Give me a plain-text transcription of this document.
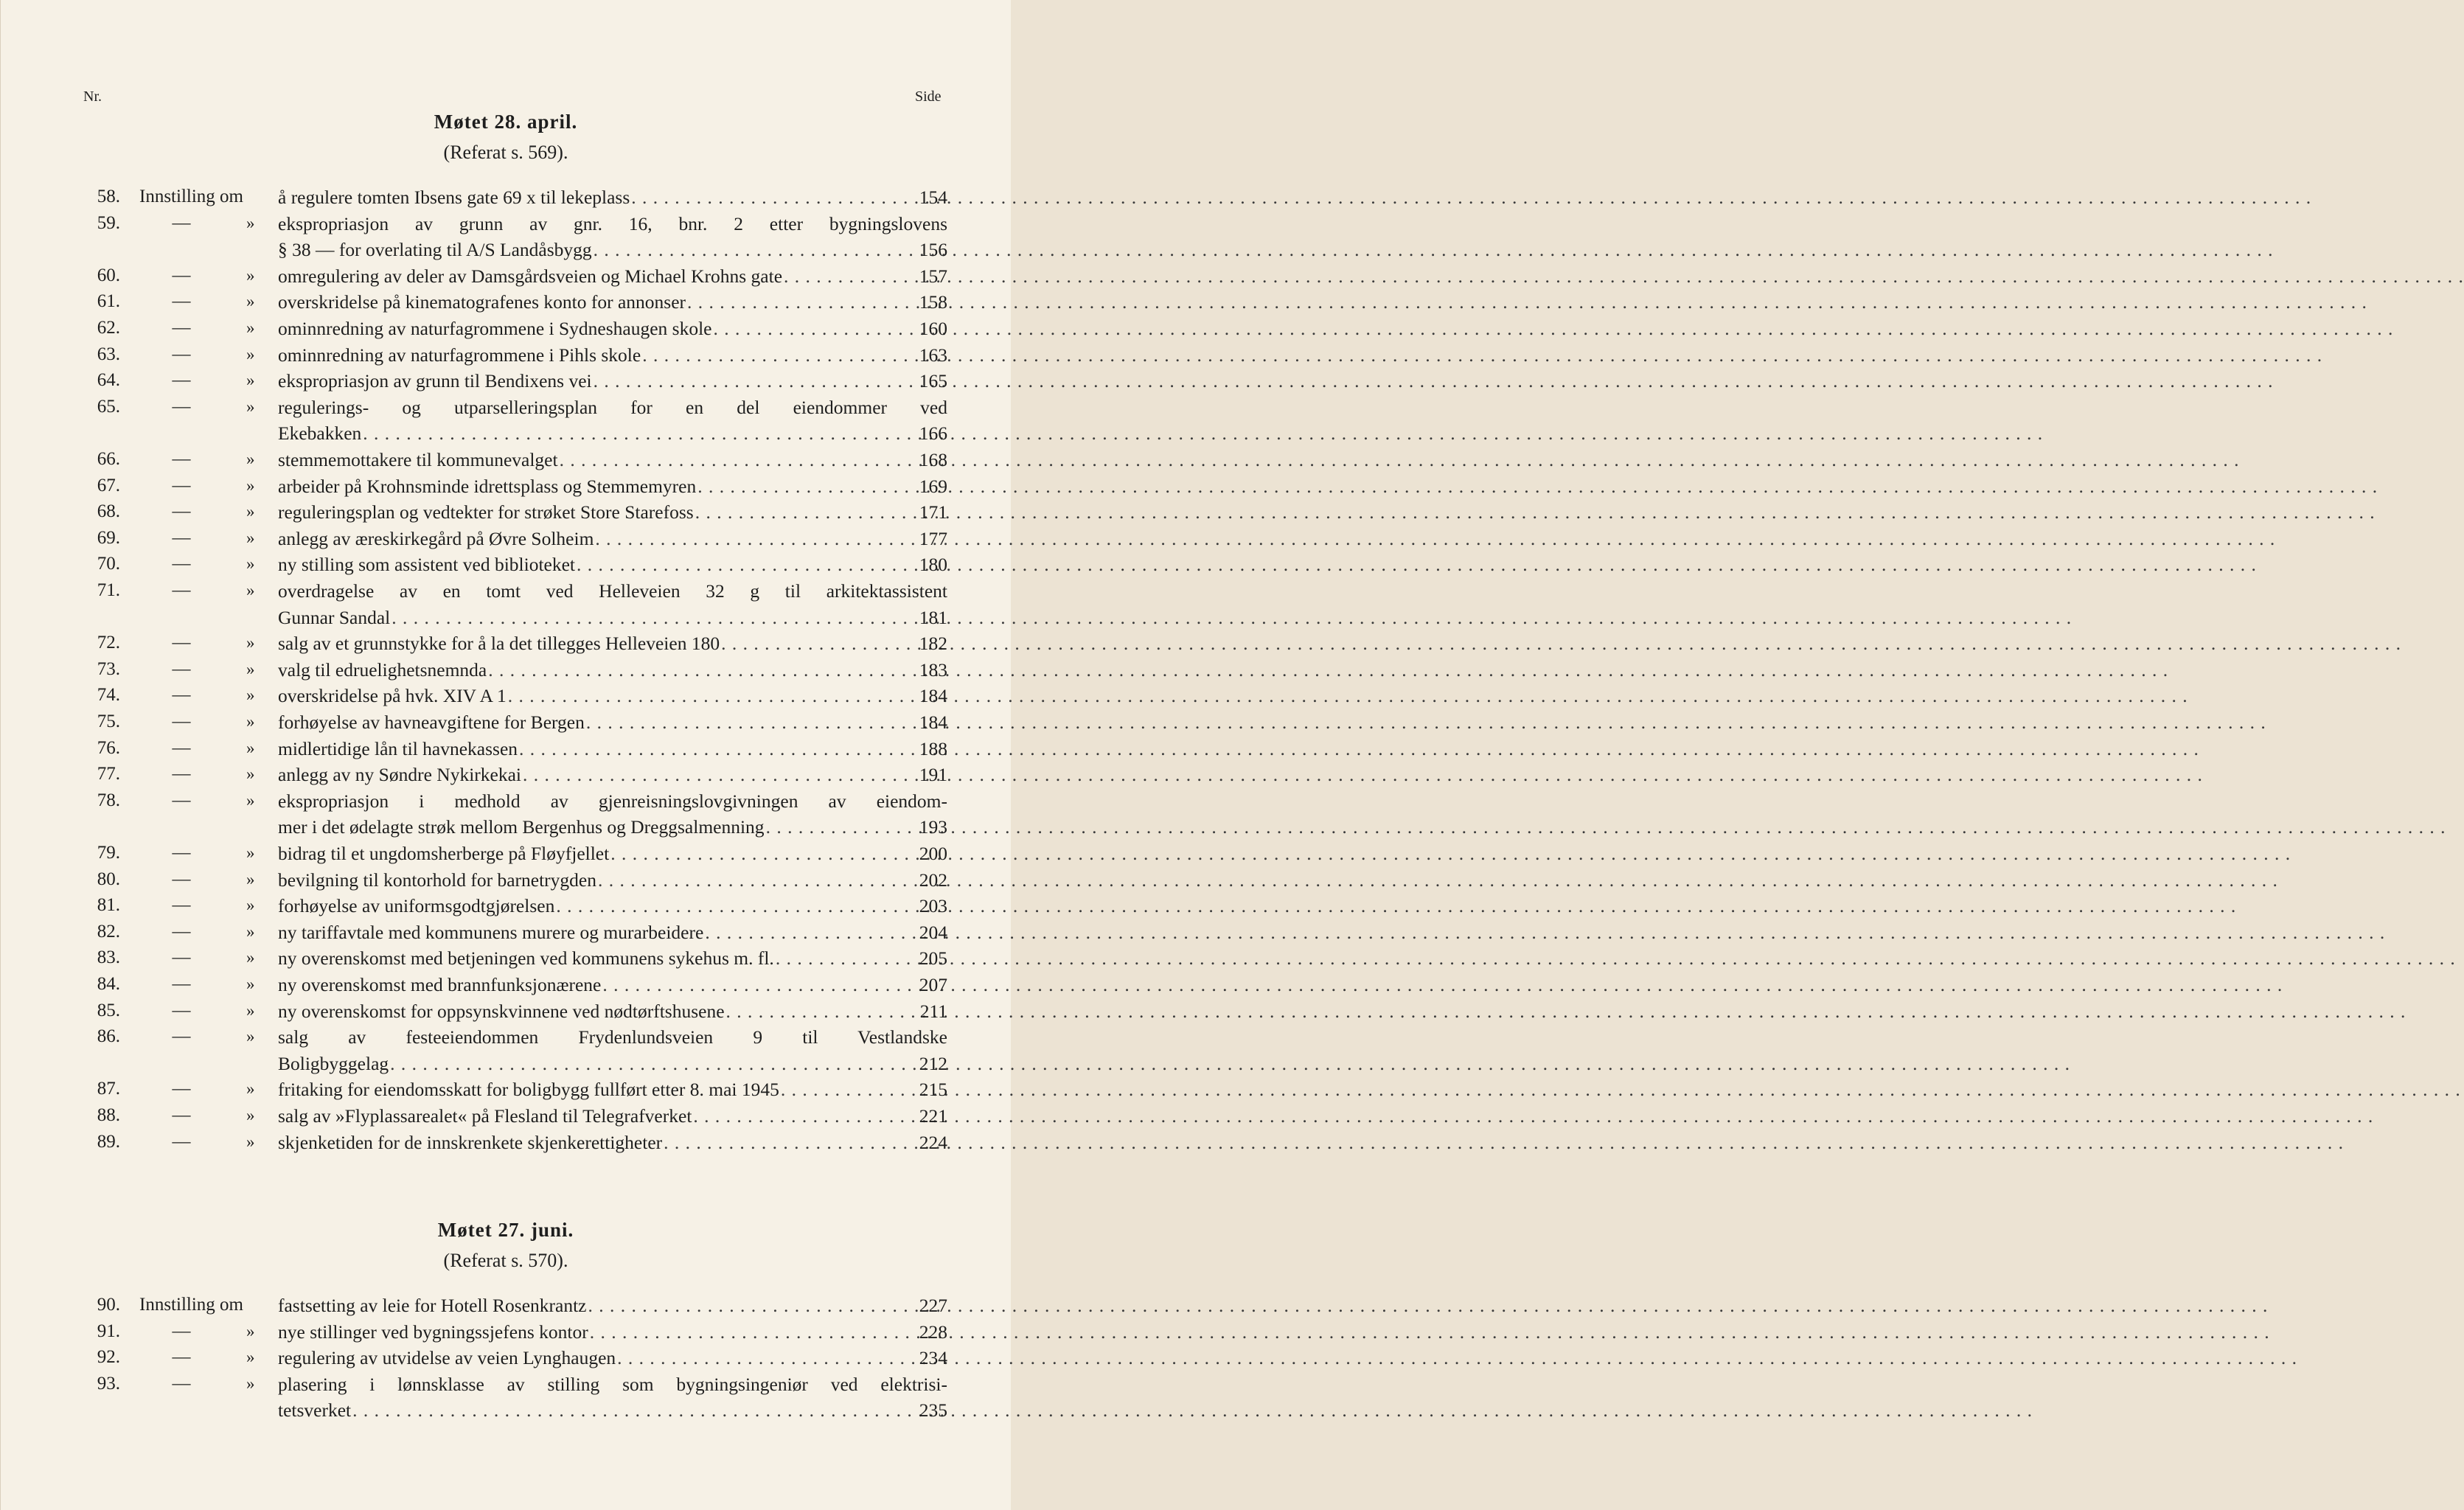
Nr.	Side
Møtet 28. april.
(Referat s. 569).
58. Innstilling om å regulere tomten Ibsens gate 69 x til lekeplass . . .	154
59.	—	» ekspropriasjon av grunn av gnr. 16, bnr. 2 etter bygningslovens
§ 38 — for overlating til A/S Landåsbygg . . .	156
60.	—	» omregulering av deler av Damsgårdsveien og Michael Krohns gate . . .	157
61.	—	» overskridelse på kinematografenes konto for annonser . . .	158
62.	—	» ominnredning av naturfagrommene i Sydneshaugen skole . . .	160
63.	—	» ominnredning av naturfagrommene i Pihls skole . . .	163
64.	—	» ekspropriasjon av grunn til Bendixens vei . . .	165
65.	—	» regulerings- og utparselleringsplan for en del eiendommer ved
Ekebakken . . .	166
66.	—	» stemmemottakere til kommunevalget . . .	168
67.	—	» arbeider på Krohnsminde idrettsplass og Stemmemyren . . .	169
68.	—	» reguleringsplan og vedtekter for strøket Store Starefoss . . .	171
69.	—	» anlegg av æreskirkegård på Øvre Solheim . . .	177
70.	—	» ny stilling som assistent ved biblioteket . . .	180
71.	—	» overdragelse av en tomt ved Helleveien 32 g til arkitektassistent
Gunnar Sandal . . .	181
72.	—	» salg av et grunnstykke for å la det tillegges Helleveien 180 . . .	182
73.	—	» valg til edruelighetsnemnda . . .	183
74.	—	» overskridelse på hvk. XIV A 1 . . .	184
75.	—	» forhøyelse av havneavgiftene for Bergen . . .	184
76.	—	» midlertidige lån til havnekassen . . .	188
77.	—	» anlegg av ny Søndre Nykirkekai . . .	191
78.	—	» ekspropriasjon i medhold av gjenreisningslovgivningen av eiendom-
mer i det ødelagte strøk mellom Bergenhus og Dreggsalmenning . . .	193
79.	—	» bidrag til et ungdomsherberge på Fløyfjellet . . .	200
80.	—	» bevilgning til kontorhold for barnetrygden . . .	202
81.	—	» forhøyelse av uniformsgodtgjørelsen . . .	203
82.	—	» ny tariffavtale med kommunens murere og murarbeidere . . .	204
83.	—	» ny overenskomst med betjeningen ved kommunens sykehus m. fl. . . .	205
84.	—	» ny overenskomst med brannfunksjonærene . . .	207
85.	—	» ny overenskomst for oppsynskvinnene ved nødtørftshusene . . .	211
86.	—	» salg av festeeiendommen Frydenlundsveien 9 til Vestlandske
Boligbyggelag . . .	212
87.	—	» fritaking for eiendomsskatt for boligbygg fullført etter 8. mai 1945 . . .	215
88.	—	» salg av »Flyplassarealet« på Flesland til Telegrafverket . . .	221
89.	—	» skjenketiden for de innskrenkete skjenkerettigheter . . .	224
Møtet 27. juni.
(Referat s. 570).
90. Innstilling om fastsetting av leie for Hotell Rosenkrantz . . .	227
91.	—	» nye stillinger ved bygningssjefens kontor . . .	228
92.	—	» regulering av utvidelse av veien Lynghaugen . . .	234
93.	—	» plasering i lønnsklasse av stilling som bygningsingeniør ved elektrisi-
tetsverket . . .	235
